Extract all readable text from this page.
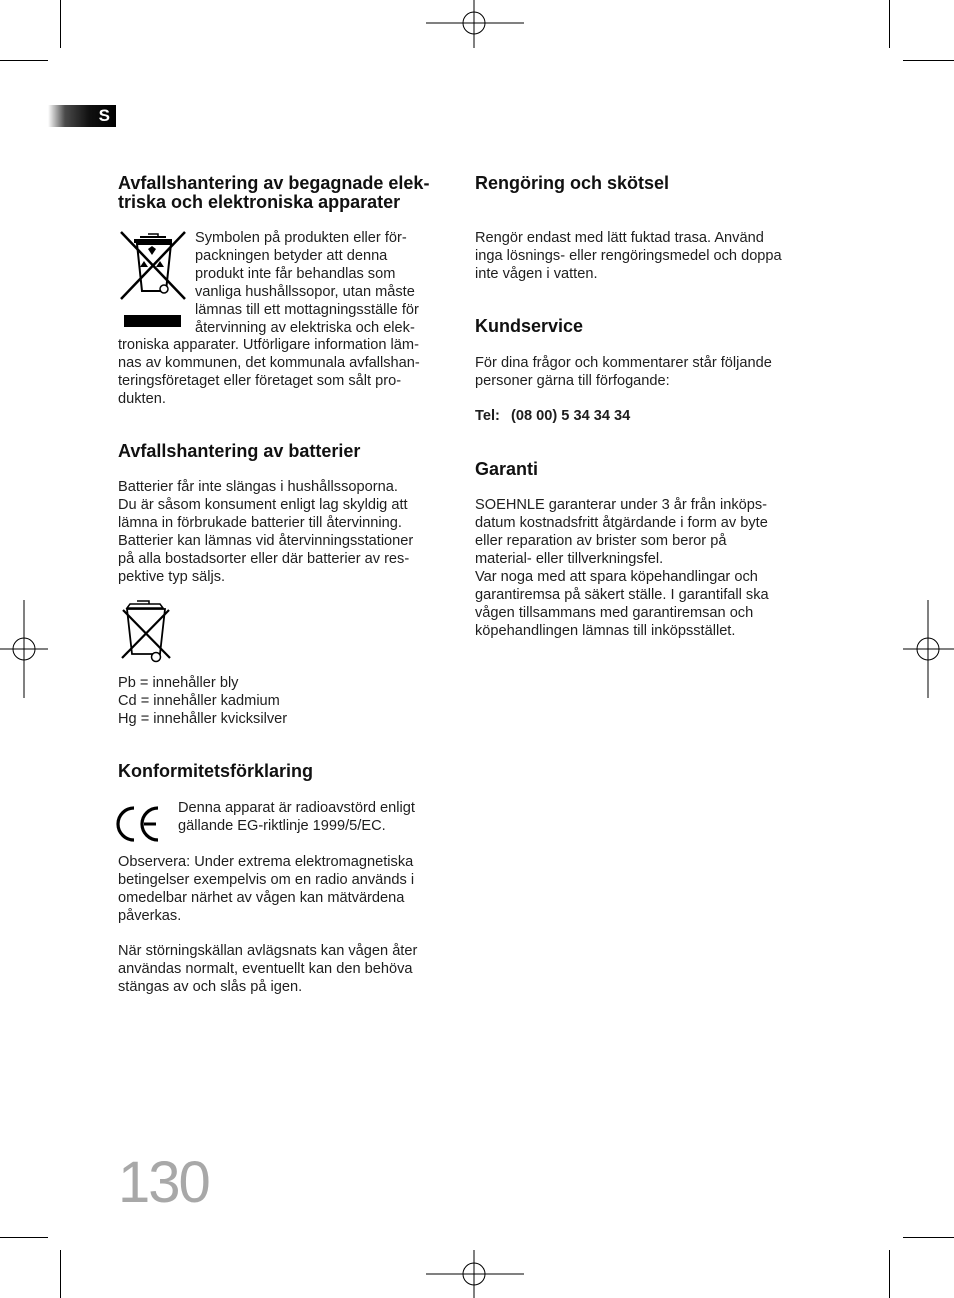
S
Avfallshantering av begagnade elek-
triska och elektroniska apparater

Symbolen på produkten eller för-
packningen betyder att denna
produkt inte får behandlas som
vanliga hushållssopor, utan måste
lämnas till ett mottagningsställe för
återvinning av elektriska och elek-

troniska apparater. Utförligare information läm-
nas av kommunen, det kommunala avfallshan-
teringsföretaget eller företaget som sålt pro-
dukten.

Avfallshantering av batterier

Batterier får inte slängas i hushållssoporna.
Du är såsom konsument enligt lag skyldig att
lämna in förbrukade batterier till återvinning.
Batterier kan lämnas vid återvinningsstationer
på alla bostadsorter eller där batterier av res-
pektive typ säljs.

Pb = innehåller bly

Cd = innehåller kadmium

Hg = innehåller kvicksilver

Konformitetsförklaring

Denna apparat är radioavstörd enligt
gällande EG-riktlinje 1999/5/EC.

Observera: Under extrema elektromagnetiska
betingelser exempelvis om en radio används i
omedelbar närhet av vågen kan mätvärdena
påverkas.

När störningskällan avlägsnats kan vågen åter
användas normalt, eventuellt kan den behöva
stängas av och slås på igen.

Rengöring och skötsel

Rengör endast med lätt fuktad trasa. Använd
inga lösnings- eller rengöringsmedel och doppa
inte vågen i vatten.

Kundservice

För dina frågor och kommentarer står följande
personer gärna till förfogande:

Tel: (08 00) 5 34 34 34

Garanti

SOEHNLE garanterar under 3 år från inköps-
datum kostnadsfritt åtgärdande i form av byte
eller reparation av brister som beror på
material- eller tillverkningsfel.
Var noga med att spara köpehandlingar och
garantiremsa på säkert ställe. I garantifall ska
vågen tillsammans med garantiremsan och
köpehandlingen lämnas till inköpsstället.

130
